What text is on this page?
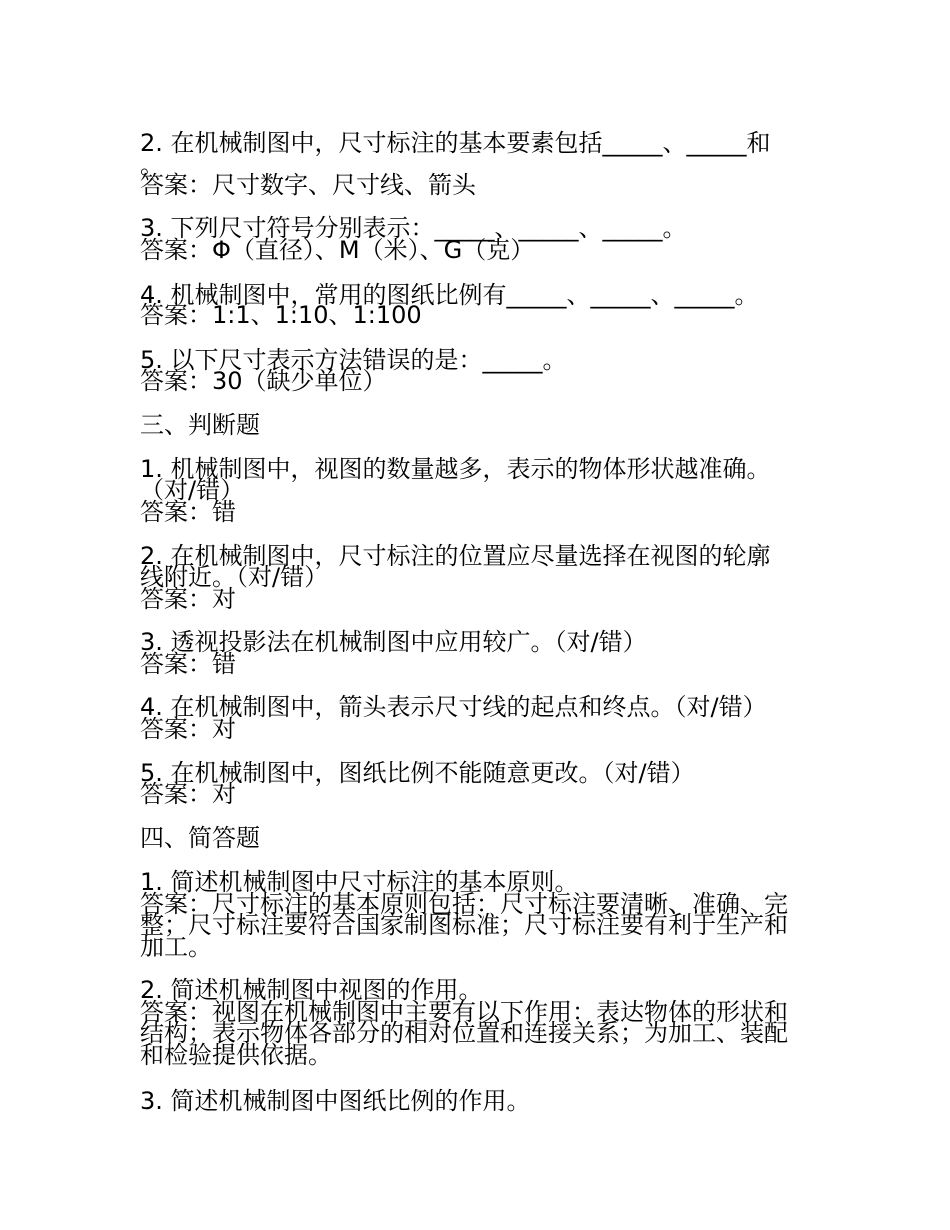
2. 在机械制图中，尺寸标注的基本要素包括_____、_____和
。
答案：尺寸数字、尺寸线、箭头
3. 下列尺寸符号分别表示：_____、_____、_____。
答案：Φ（直径）、M（米）、G（克）
4. 机械制图中，常用的图纸比例有_____、_____、_____。
答案：1:1、1:10、1:100
5. 以下尺寸表示方法错误的是：_____。
答案：30（缺少单位）
三、判断题
1. 机械制图中，视图的数量越多，表示的物体形状越准确。
（对/错）
答案：错
2. 在机械制图中，尺寸标注的位置应尽量选择在视图的轮廓
线附近。（对/错）
答案：对
3. 透视投影法在机械制图中应用较广。（对/错）
答案：错
4. 在机械制图中，箭头表示尺寸线的起点和终点。（对/错）
答案：对
5. 在机械制图中，图纸比例不能随意更改。（对/错）
答案：对
四、简答题
1. 简述机械制图中尺寸标注的基本原则。
答案：尺寸标注的基本原则包括：尺寸标注要清晰、准确、完
整；尺寸标注要符合国家制图标准；尺寸标注要有利于生产和
加工。
2. 简述机械制图中视图的作用。
答案：视图在机械制图中主要有以下作用：表达物体的形状和
结构；表示物体各部分的相对位置和连接关系；为加工、装配
和检验提供依据。
3. 简述机械制图中图纸比例的作用。
